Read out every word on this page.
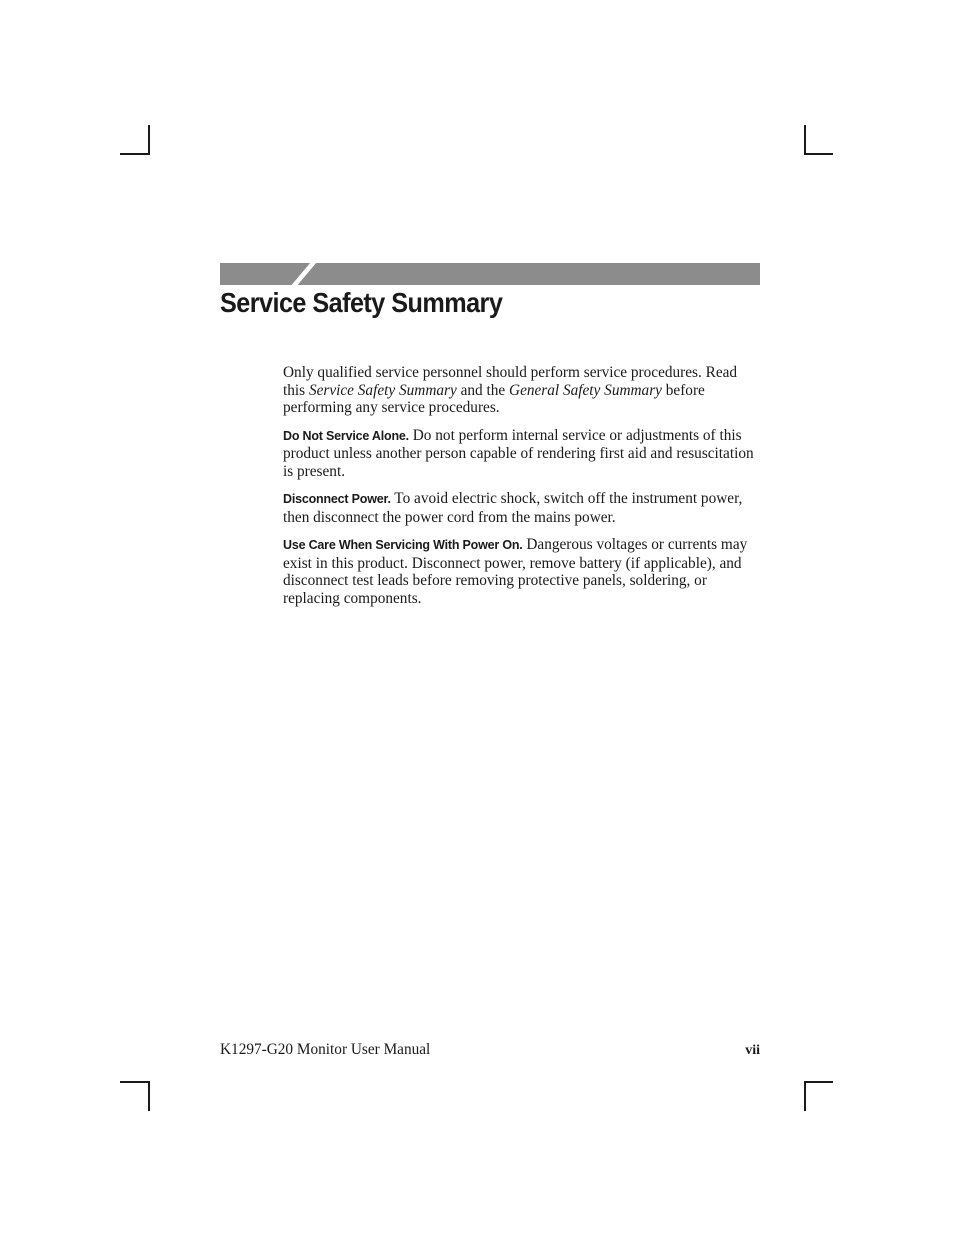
Service Safety Summary

Only qualified service personnel should perform service procedures. Read this Service Safety Summary and the General Safety Summary before performing any service procedures.

Do Not Service Alone. Do not perform internal service or adjustments of this product unless another person capable of rendering first aid and resuscitation is present.

Disconnect Power. To avoid electric shock, switch off the instrument power, then disconnect the power cord from the mains power.

Use Care When Servicing With Power On. Dangerous voltages or currents may exist in this product. Disconnect power, remove battery (if applicable), and disconnect test leads before removing protective panels, soldering, or replacing components.

K1297-G20 Monitor User Manual	vii
